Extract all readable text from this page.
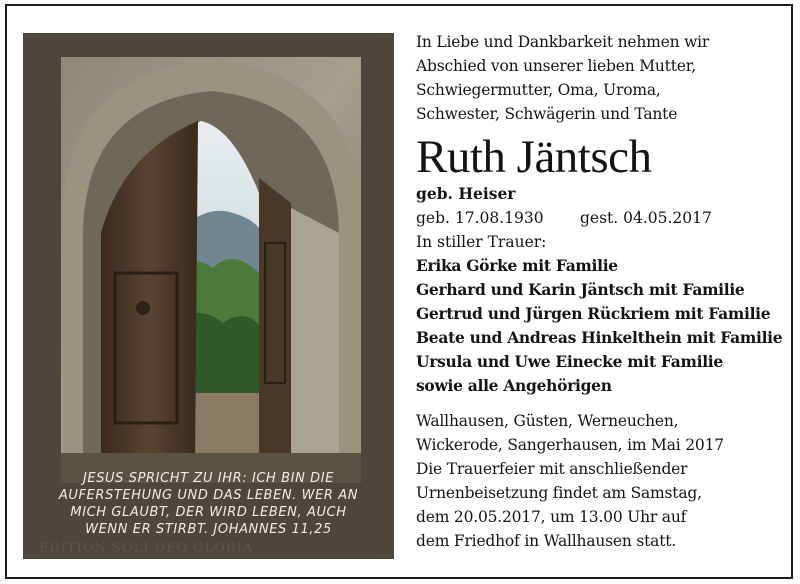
JESUS SPRICHT ZU IHR: ICH BIN DIE
AUFERSTEHUNG UND DAS LEBEN. WER AN
MICH GLAUBT, DER WIRD LEBEN, AUCH
WENN ER STIRBT. JOHANNES 11,25
EDITION SOLI DEO GLORIA
In Liebe und Dankbarkeit nehmen wir
Abschied von unserer lieben Mutter,
Schwiegermutter, Oma, Uroma,
Schwester, Schwägerin und Tante
Ruth Jäntsch
geb. Heiser
geb. 17.08.1930 gest. 04.05.2017
In stiller Trauer:
Erika Görke mit Familie
Gerhard und Karin Jäntsch mit Familie
Gertrud und Jürgen Rückriem mit Familie
Beate und Andreas Hinkelthein mit Familie
Ursula und Uwe Einecke mit Familie
sowie alle Angehörigen
Wallhausen, Güsten, Werneuchen,
Wickerode, Sangerhausen, im Mai 2017
Die Trauerfeier mit anschließender
Urnenbeisetzung findet am Samstag,
dem 20.05.2017, um 13.00 Uhr auf
dem Friedhof in Wallhausen statt.
